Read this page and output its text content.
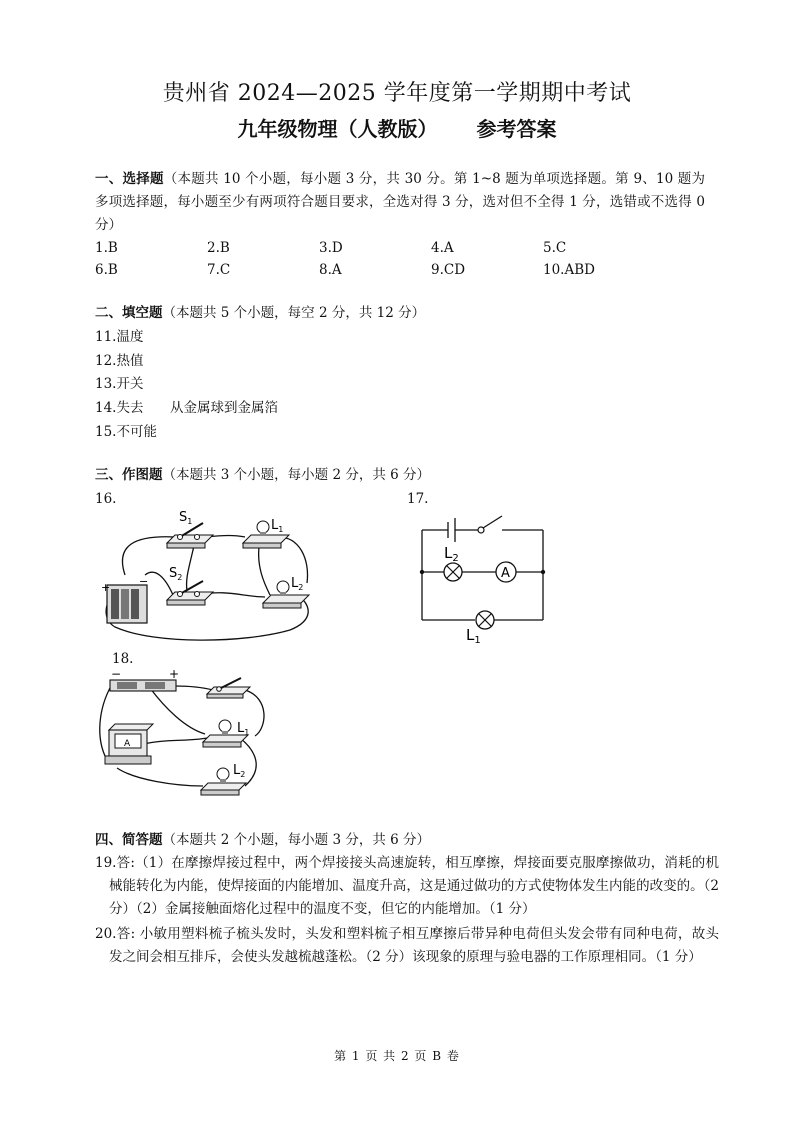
贵州省 2024—2025 学年度第一学期期中考试
九年级物理（人教版） 参考答案
一、选择题（本题共 10 个小题，每小题 3 分，共 30 分。第 1~8 题为单项选择题。第 9、10 题为多项选择题，每小题至少有两项符合题目要求，全选对得 3 分，选对但不全得 1 分，选错或不选得 0 分）
1.B	2.B	3.D	4.A	5.C
6.B	7.C	8.A	9.CD	10.ABD
二、填空题（本题共 5 个小题，每空 2 分，共 12 分）
11.温度
12.热值
13.开关
14.失去 从金属球到金属箔
15.不可能
三、作图题（本题共 3 个小题，每小题 2 分，共 6 分）
16.	17.
18.
+	−
$S_1$	$L_1$
$S_2$	$L_2$
A
$L_2$
$L_1$
−	+
A
$L_1$
$L_2$
四、简答题（本题共 2 个小题，每小题 3 分，共 6 分）
19.答:（1）在摩擦焊接过程中，两个焊接接头高速旋转，相互摩擦，焊接面要克服摩擦做功，消耗的机械能转化为内能，使焊接面的内能增加、温度升高，这是通过做功的方式使物体发生内能的改变的。（2 分）（2）金属接触面熔化过程中的温度不变，但它的内能增加。（1 分）
20.答: 小敏用塑料梳子梳头发时，头发和塑料梳子相互摩擦后带异种电荷但头发会带有同种电荷，故头发之间会相互排斥，会使头发越梳越蓬松。（2 分）该现象的原理与验电器的工作原理相同。（1 分）
第 1 页 共 2 页 B 卷
